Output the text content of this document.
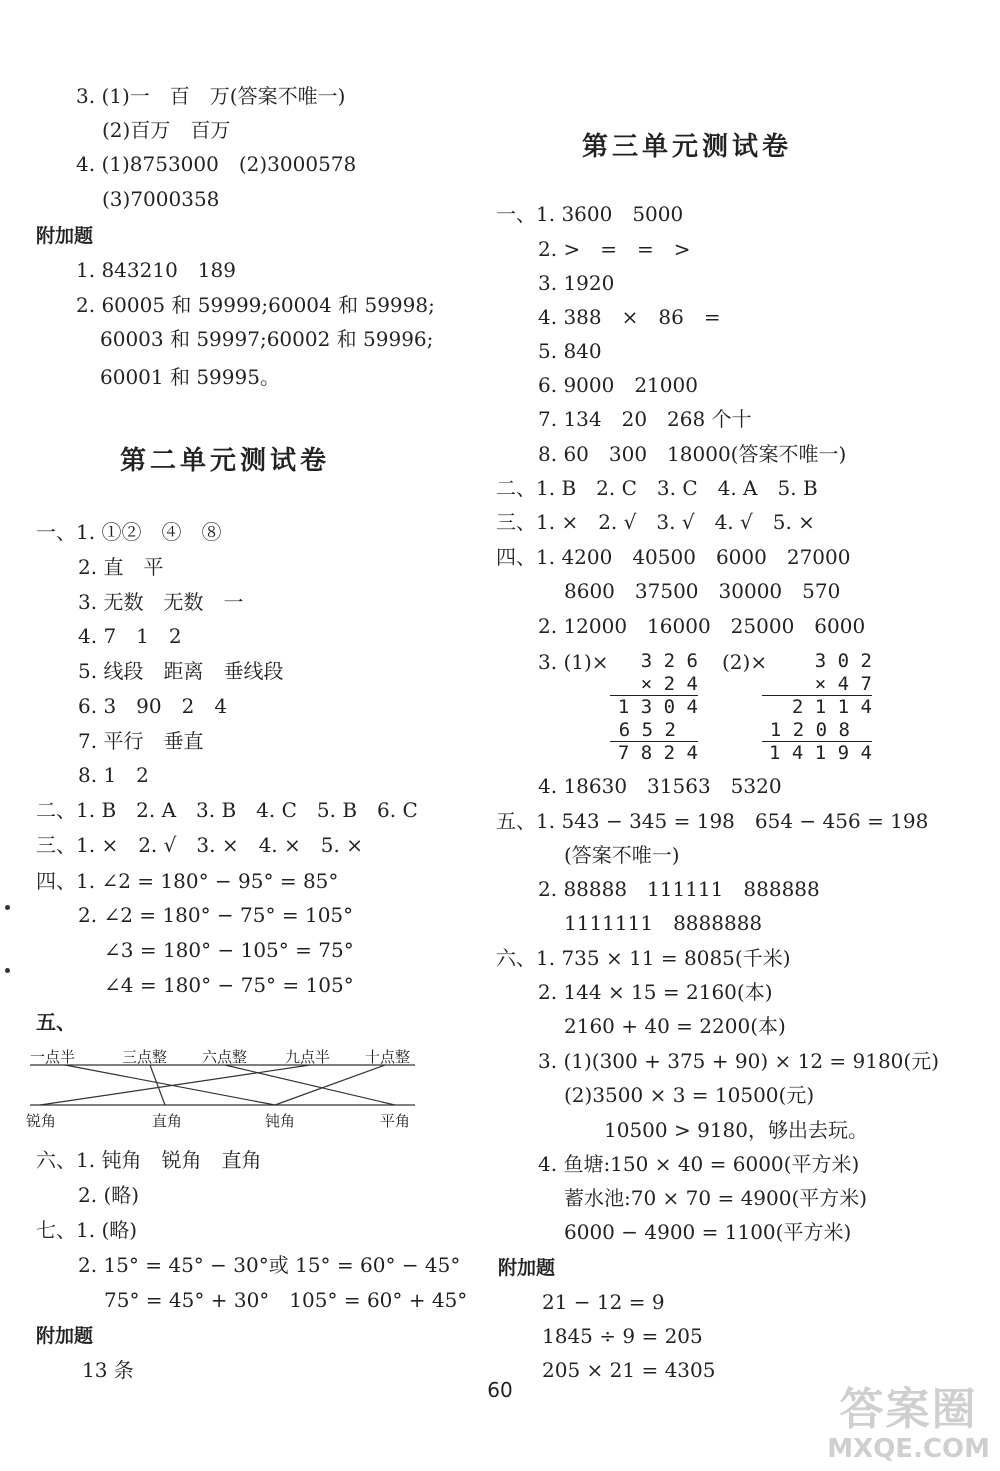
3. (1)一　百　万(答案不唯一)
(2)百万　百万
4. (1)8753000　(2)3000578
(3)7000358
附加题
1. 843210　189
2. 60005 和 59999;60004 和 59998;
60003 和 59997;60002 和 59996;
60001 和 59995。
第二单元测试卷
一、1. ①②　④　⑧
2. 直　平
3. 无数　无数　一
4. 7　1　2
5. 线段　距离　垂线段
6. 3　90　2　4
7. 平行　垂直
8. 1　2
二、1. B　2. A　3. B　4. C　5. B　6. C
三、1. ×　2. √　3. ×　4. ×　5. ×
四、1. ∠2 = 180° − 95° = 85°
2. ∠2 = 180° − 75° = 105°
∠3 = 180° − 105° = 75°
∠4 = 180° − 75° = 105°
五、
一点半	三点整 六点整	九点半 十点整
锐角	直角	钝角	平角
六、1. 钝角　锐角　直角
2. (略)
七、1. (略)
2. 15° = 45° − 30°或 15° = 60° − 45°
75° = 45° + 30°　105° = 60° + 45°
附加题
13 条
第三单元测试卷
一、1. 3600　5000
2. >　=　=　>
3. 1920
4. 388　×　86　=
5. 840
6. 9000　21000
7. 134　20　268 个十
8. 60　300　18000(答案不唯一)
二、1. B　2. C　3. C　4. A　5. B
三、1. ×　2. √　3. √　4. √　5. ×
四、1. 4200　40500　6000　27000
8600　37500　30000　570
2. 12000　16000　25000　6000
3. (1)×	3 2 6
× 2 4
1 3 0 4
6 5 2
7 8 2 4
(2)×	3 0 2
× 4 7
2 1 1 4
1 2 0 8
1 4 1 9 4
4. 18630　31563　5320
五、1. 543 − 345 = 198　654 − 456 = 198
(答案不唯一)
2. 88888　111111　888888
1111111　8888888
六、1. 735 × 11 = 8085(千米)
2. 144 × 15 = 2160(本)
2160 + 40 = 2200(本)
3. (1)(300 + 375 + 90) × 12 = 9180(元)
(2)3500 × 3 = 10500(元)
10500 > 9180，够出去玩。
4. 鱼塘:150 × 40 = 6000(平方米)
蓄水池:70 × 70 = 4900(平方米)
6000 − 4900 = 1100(平方米)
附加题
21 − 12 = 9
1845 ÷ 9 = 205
205 × 21 = 4305
60	答案圈
MXQE.COM
